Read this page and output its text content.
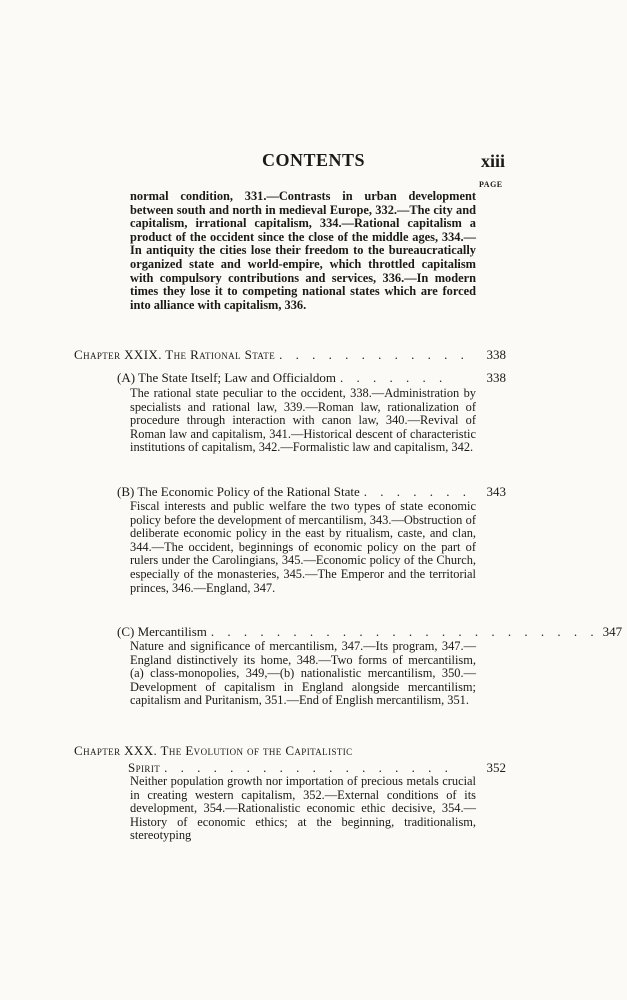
CONTENTS	xiii
PAGE
normal condition, 331.—Contrasts in urban development between south and north in medieval Europe, 332.—The city and capitalism, irrational capitalism, 334.—Rational capitalism a product of the occident since the close of the middle ages, 334.—In antiquity the cities lose their freedom to the bureaucratically organized state and world-empire, which throttled capitalism with compulsory contributions and services, 336.—In modern times they lose it to competing national states which are forced into alliance with capitalism, 336.
Chapter XXIX. The Rational State . . . . . . . . . . . .	338
(A) The State Itself; Law and Officialdom . . . . . . .	338
The rational state peculiar to the occident, 338.—Administration by specialists and rational law, 339.—Roman law, rationalization of procedure through interaction with canon law, 340.—Revival of Roman law and capitalism, 341.—Historical descent of characteristic institutions of capitalism, 342.—Formalistic law and capitalism, 342.
(B) The Economic Policy of the Rational State . . . . . . .	343
Fiscal interests and public welfare the two types of state economic policy before the development of mercantilism, 343.—Obstruction of deliberate economic policy in the east by ritualism, caste, and clan, 344.—The occident, beginnings of economic policy on the part of rulers under the Carolingians, 345.—Economic policy of the Church, especially of the monasteries, 345.—The Emperor and the territorial princes, 346.—England, 347.
(C) Mercantilism . . . . . . . . . . . . . . . . . . . . . . . . 347
Nature and significance of mercantilism, 347.—Its program, 347.—England distinctively its home, 348.—Two forms of mercantilism, (a) class-monopolies, 349,—(b) nationalistic mercantilism, 350.—Development of capitalism in England alongside mercantilism; capitalism and Puritanism, 351.—End of English mercantilism, 351.
Chapter XXX. The Evolution of the Capitalistic
Spirit . . . . . . . . . . . . . . . . . .	352
Neither population growth nor importation of precious metals crucial in creating western capitalism, 352.—External conditions of its development, 354.—Rationalistic economic ethic decisive, 354.—History of economic ethics; at the beginning, traditionalism, stereotyping
